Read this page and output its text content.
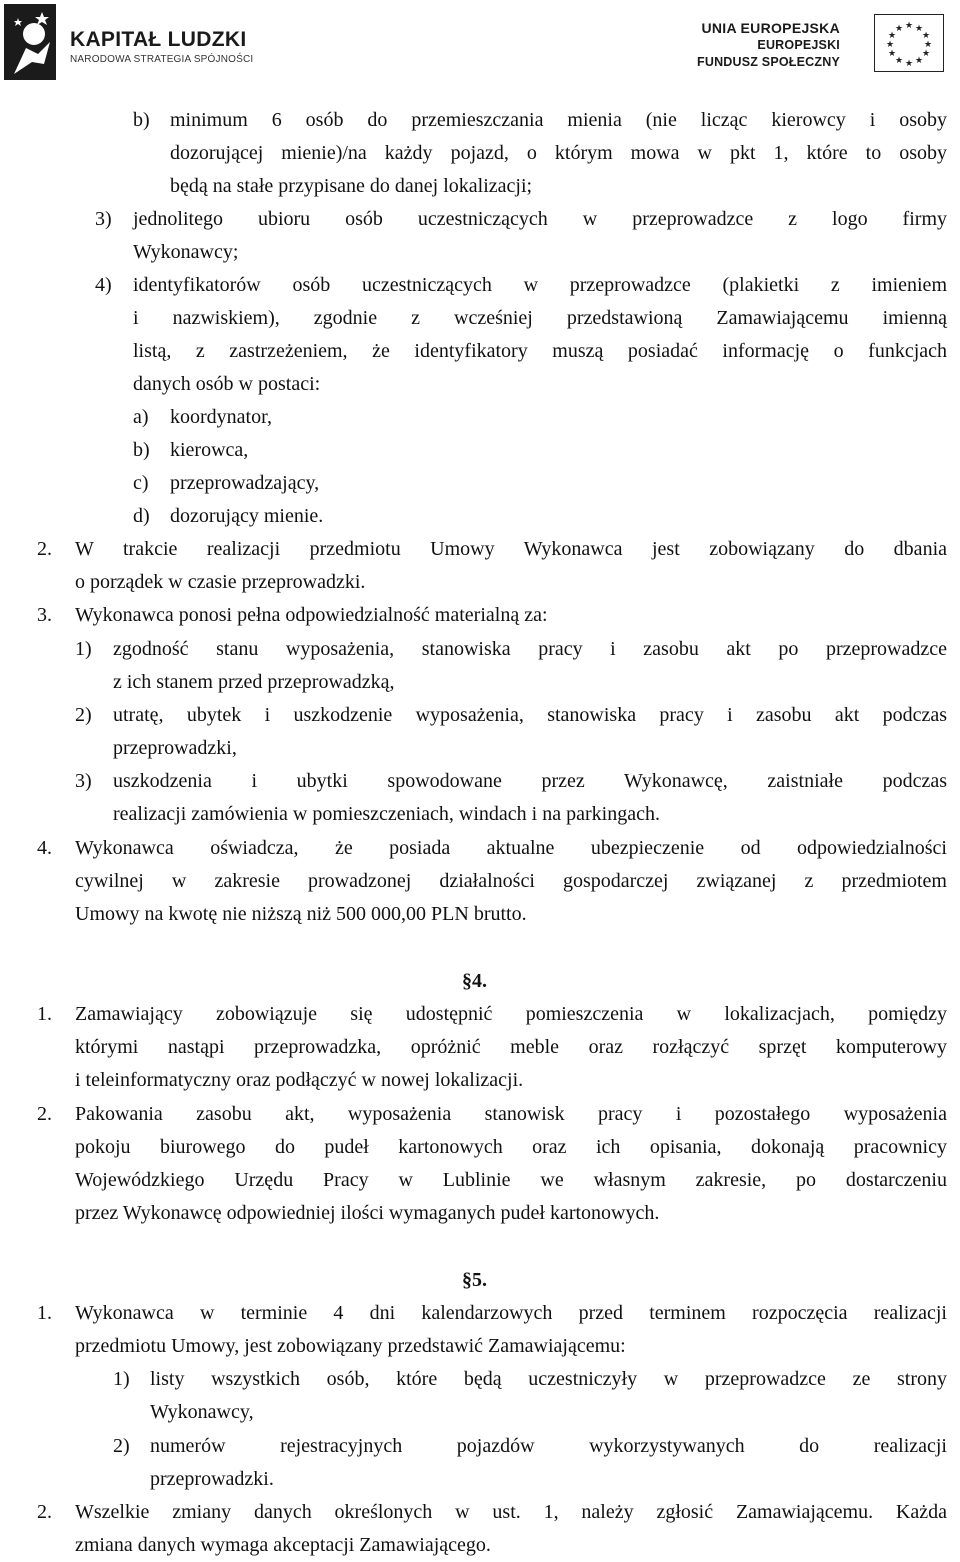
KAPITAŁ LUDZKI
NARODOWA STRATEGIA SPÓJNOŚCI
UNIA EUROPEJSKA
EUROPEJSKI
FUNDUSZ SPOŁECZNY
★ ★
★
★
★
★
★
★
★
★
★
★
b) minimum 6 osób do przemieszczania mienia (nie licząc kierowcy i osoby
dozorującej mienie)/na każdy pojazd, o którym mowa w pkt 1, które to osoby
będą na stałe przypisane do danej lokalizacji;
3) jednolitego ubioru osób uczestniczących w przeprowadzce z logo firmy
Wykonawcy;
4) identyfikatorów osób uczestniczących w przeprowadzce (plakietki z imieniem
i nazwiskiem), zgodnie z wcześniej przedstawioną Zamawiającemu imienną
listą, z zastrzeżeniem, że identyfikatory muszą posiadać informację o funkcjach
danych osób w postaci:
a) koordynator,
b) kierowca,
c) przeprowadzający,
d) dozorujący mienie.
2. W trakcie realizacji przedmiotu Umowy Wykonawca jest zobowiązany do dbania
o porządek w czasie przeprowadzki.
3. Wykonawca ponosi pełna odpowiedzialność materialną za:
1) zgodność stanu wyposażenia, stanowiska pracy i zasobu akt po przeprowadzce
z ich stanem przed przeprowadzką,
2) utratę, ubytek i uszkodzenie wyposażenia, stanowiska pracy i zasobu akt podczas
przeprowadzki,
3) uszkodzenia i ubytki spowodowane przez Wykonawcę, zaistniałe podczas
realizacji zamówienia w pomieszczeniach, windach i na parkingach.
4. Wykonawca oświadcza, że posiada aktualne ubezpieczenie od odpowiedzialności
cywilnej w zakresie prowadzonej działalności gospodarczej związanej z przedmiotem
Umowy na kwotę nie niższą niż 500 000,00 PLN brutto.
§4.
1. Zamawiający zobowiązuje się udostępnić pomieszczenia w lokalizacjach, pomiędzy
którymi nastąpi przeprowadzka, opróżnić meble oraz rozłączyć sprzęt komputerowy
i teleinformatyczny oraz podłączyć w nowej lokalizacji.
2. Pakowania zasobu akt, wyposażenia stanowisk pracy i pozostałego wyposażenia
pokoju biurowego do pudeł kartonowych oraz ich opisania, dokonają pracownicy
Wojewódzkiego Urzędu Pracy w Lublinie we własnym zakresie, po dostarczeniu
przez Wykonawcę odpowiedniej ilości wymaganych pudeł kartonowych.
§5.
1. Wykonawca w terminie 4 dni kalendarzowych przed terminem rozpoczęcia realizacji
przedmiotu Umowy, jest zobowiązany przedstawić Zamawiającemu:
1) listy wszystkich osób, które będą uczestniczyły w przeprowadzce ze strony
Wykonawcy,
2) numerów rejestracyjnych pojazdów wykorzystywanych do realizacji
przeprowadzki.
2. Wszelkie zmiany danych określonych w ust. 1, należy zgłosić Zamawiającemu. Każda
zmiana danych wymaga akceptacji Zamawiającego.
